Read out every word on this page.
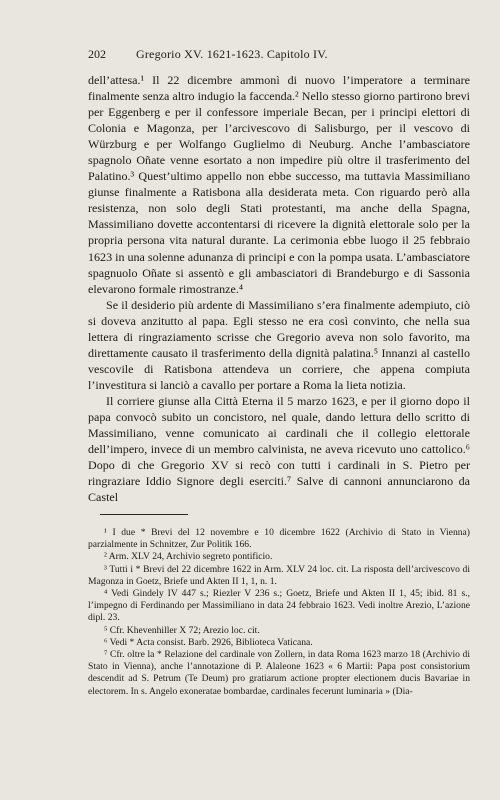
202	Gregorio XV. 1621-1623. Capitolo IV.

dell’attesa.¹ Il 22 dicembre ammonì di nuovo l’imperatore a terminare finalmente senza altro indugio la faccenda.² Nello stesso giorno partirono brevi per Eggenberg e per il confessore imperiale Becan, per i principi elettori di Colonia e Magonza, per l’arcivescovo di Salisburgo, per il vescovo di Würzburg e per Wolfango Guglielmo di Neuburg. Anche l’ambasciatore spagnolo Oñate venne esortato a non impedire più oltre il trasferimento del Palatino.³ Quest’ultimo appello non ebbe successo, ma tuttavia Massimiliano giunse finalmente a Ratisbona alla desiderata meta. Con riguardo però alla resistenza, non solo degli Stati protestanti, ma anche della Spagna, Massimiliano dovette accontentarsi di ricevere la dignità elettorale solo per la propria persona vita natural durante. La cerimonia ebbe luogo il 25 febbraio 1623 in una solenne adunanza di principi e con la pompa usata. L’ambasciatore spagnuolo Oñate si assentò e gli ambasciatori di Brandeburgo e di Sassonia elevarono formale rimostranze.⁴

Se il desiderio più ardente di Massimiliano s’era finalmente adempiuto, ciò si doveva anzitutto al papa. Egli stesso ne era così convinto, che nella sua lettera di ringraziamento scrisse che Gregorio aveva non solo favorito, ma direttamente causato il trasferimento della dignità palatina.⁵ Innanzi al castello vescovile di Ratisbona attendeva un corriere, che appena compiuta l’investitura si lanciò a cavallo per portare a Roma la lieta notizia.

Il corriere giunse alla Città Eterna il 5 marzo 1623, e per il giorno dopo il papa convocò subito un concistoro, nel quale, dando lettura dello scritto di Massimiliano, venne comunicato ai cardinali che il collegio elettorale dell’impero, invece di un membro calvinista, ne aveva ricevuto uno cattolico.⁶ Dopo di che Gregorio XV si recò con tutti i cardinali in S. Pietro per ringraziare Iddio Signore degli eserciti.⁷ Salve di cannoni annunciarono da Castel

¹ I due * Brevi del 12 novembre e 10 dicembre 1622 (Archivio di Stato in Vienna) parzialmente in Schnitzer, Zur Politik 166.
² Arm. XLV 24, Archivio segreto pontificio.
³ Tutti i * Brevi del 22 dicembre 1622 in Arm. XLV 24 loc. cit. La risposta dell’arcivescovo di Magonza in Goetz, Briefe und Akten II 1, 1, n. 1.
⁴ Vedi Gindely IV 447 s.; Riezler V 236 s.; Goetz, Briefe und Akten II 1, 45; ibid. 81 s., l’impegno di Ferdinando per Massimiliano in data 24 febbraio 1623. Vedi inoltre Arezio, L’azione dipl. 23.
⁵ Cfr. Khevenhiller X 72; Arezio loc. cit.
⁶ Vedi * Acta consist. Barb. 2926, Biblioteca Vaticana.
⁷ Cfr. oltre la * Relazione del cardinale von Zollern, in data Roma 1623 marzo 18 (Archivio di Stato in Vienna), anche l’annotazione di P. Alaleone 1623 « 6 Martii: Papa post consistorium descendit ad S. Petrum (Te Deum) pro gratiarum actione propter electionem ducis Bavariae in electorem. In s. Angelo exoneratae bombardae, cardinales fecerunt luminaria » (Dia-
